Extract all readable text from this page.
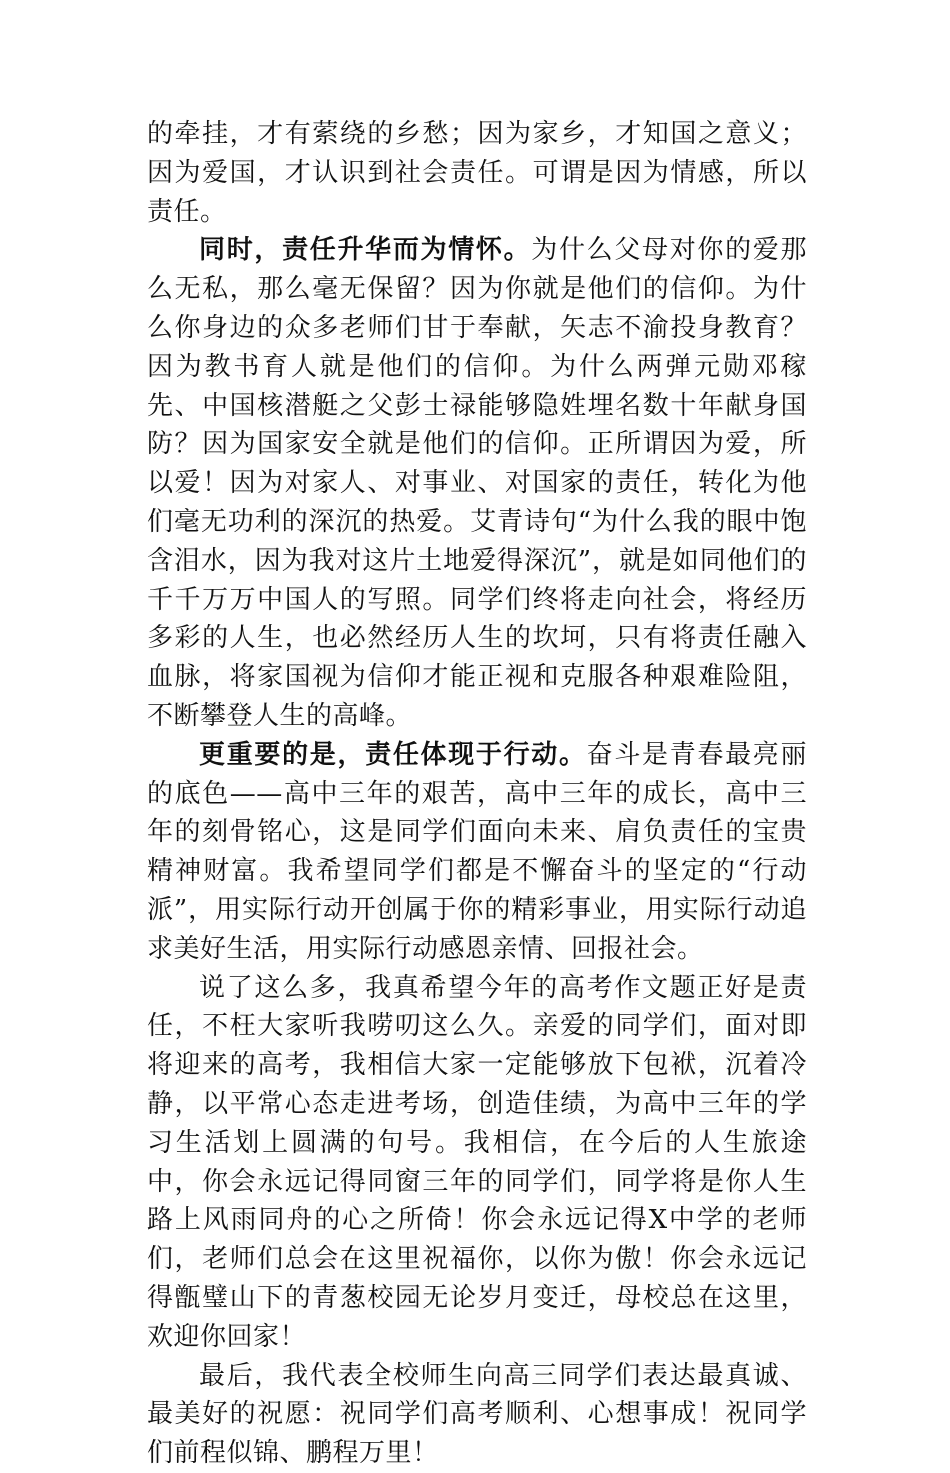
的牵挂，才有萦绕的乡愁；因为家乡，才知国之意义；因为爱国，才认识到社会责任。可谓是因为情感，所以责任。

同时，责任升华而为情怀。为什么父母对你的爱那么无私，那么毫无保留？因为你就是他们的信仰。为什么你身边的众多老师们甘于奉献，矢志不渝投身教育？因为教书育人就是他们的信仰。为什么两弹元勋邓稼先、中国核潜艇之父彭士禄能够隐姓埋名数十年献身国防？因为国家安全就是他们的信仰。正所谓因为爱，所以爱！因为对家人、对事业、对国家的责任，转化为他们毫无功利的深沉的热爱。艾青诗句“为什么我的眼中饱含泪水，因为我对这片土地爱得深沉”，就是如同他们的千千万万中国人的写照。同学们终将走向社会，将经历多彩的人生，也必然经历人生的坎坷，只有将责任融入血脉，将家国视为信仰才能正视和克服各种艰难险阻，不断攀登人生的高峰。

更重要的是，责任体现于行动。奋斗是青春最亮丽的底色——高中三年的艰苦，高中三年的成长，高中三年的刻骨铭心，这是同学们面向未来、肩负责任的宝贵精神财富。我希望同学们都是不懈奋斗的坚定的“行动派”，用实际行动开创属于你的精彩事业，用实际行动追求美好生活，用实际行动感恩亲情、回报社会。

说了这么多，我真希望今年的高考作文题正好是责任，不枉大家听我唠叨这么久。亲爱的同学们，面对即将迎来的高考，我相信大家一定能够放下包袱，沉着冷静，以平常心态走进考场，创造佳绩，为高中三年的学习生活划上圆满的句号。我相信，在今后的人生旅途中，你会永远记得同窗三年的同学们，同学将是你人生路上风雨同舟的心之所倚！你会永远记得X中学的老师们，老师们总会在这里祝福你，以你为傲！你会永远记得甑璧山下的青葱校园无论岁月变迁，母校总在这里，欢迎你回家！

最后，我代表全校师生向高三同学们表达最真诚、最美好的祝愿：祝同学们高考顺利、心想事成！祝同学们前程似锦、鹏程万里！
